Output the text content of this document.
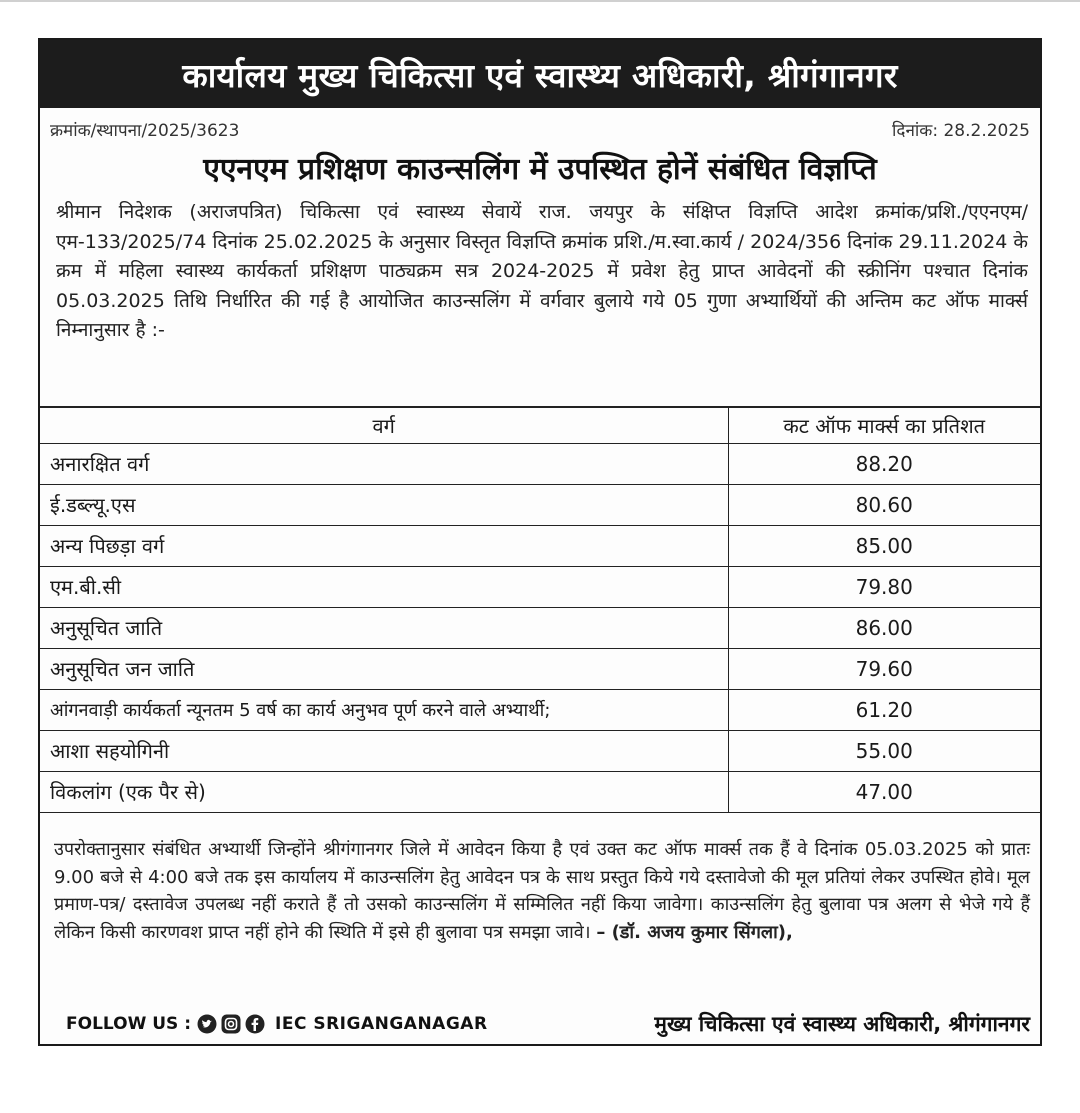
कार्यालय मुख्य चिकित्सा एवं स्वास्थ्य अधिकारी, श्रीगंगानगर
क्रमांक/स्थापना/2025/3623	दिनांक: 28.2.2025
एएनएम प्रशिक्षण काउन्सलिंग में उपस्थित होनें संबंधित विज्ञप्ति
श्रीमान निदेशक (अराजपत्रित) चिकित्सा एवं स्वास्थ्य सेवायें राज. जयपुर के संक्षिप्त विज्ञप्ति आदेश क्रमांक/प्रशि./एएनएम/एम-133/2025/74 दिनांक 25.02.2025 के अनुसार विस्तृत विज्ञप्ति क्रमांक प्रशि./म.स्वा.कार्य / 2024/356 दिनांक 29.11.2024 के क्रम में महिला स्वास्थ्य कार्यकर्ता प्रशिक्षण पाठ्यक्रम सत्र 2024-2025 में प्रवेश हेतु प्राप्त आवेदनों की स्क्रीनिंग पश्चात दिनांक 05.03.2025 तिथि निर्धारित की गई है आयोजित काउन्सलिंग में वर्गवार बुलाये गये 05 गुणा अभ्यार्थियों की अन्तिम कट ऑफ मार्क्स निम्नानुसार है :-
वर्ग	कट ऑफ मार्क्स का प्रतिशत

अनारक्षित वर्ग	88.20

ई.डब्ल्यू.एस	80.60

अन्य पिछड़ा वर्ग	85.00

एम.बी.सी	79.80

अनुसूचित जाति	86.00

अनुसूचित जन जाति	79.60

आंगनवाड़ी कार्यकर्ता न्यूनतम 5 वर्ष का कार्य अनुभव पूर्ण करने वाले अभ्यार्थी;	61.20

आशा सहयोगिनी	55.00

विकलांग (एक पैर से)	47.00
उपरोक्तानुसार संबंधित अभ्यार्थी जिन्होंने श्रीगंगानगर जिले में आवेदन किया है एवं उक्त कट ऑफ मार्क्स तक हैं वे दिनांक 05.03.2025 को प्रातः 9.00 बजे से 4:00 बजे तक इस कार्यालय में काउन्सलिंग हेतु आवेदन पत्र के साथ प्रस्तुत किये गये दस्तावेजो की मूल प्रतियां लेकर उपस्थित होवे। मूल प्रमाण-पत्र/ दस्तावेज उपलब्ध नहीं कराते हैं तो उसको काउन्सलिंग में सम्मिलित नहीं किया जावेगा। काउन्सलिंग हेतु बुलावा पत्र अलग से भेजे गये हैं लेकिन किसी कारणवश प्राप्त नहीं होने की स्थिति में इसे ही बुलावा पत्र समझा जावे। – (डॉ. अजय कुमार सिंगला),
FOLLOW US :	IEC SRIGANGANAGAR	मुख्य चिकित्सा एवं स्वास्थ्य अधिकारी, श्रीगंगानगर
